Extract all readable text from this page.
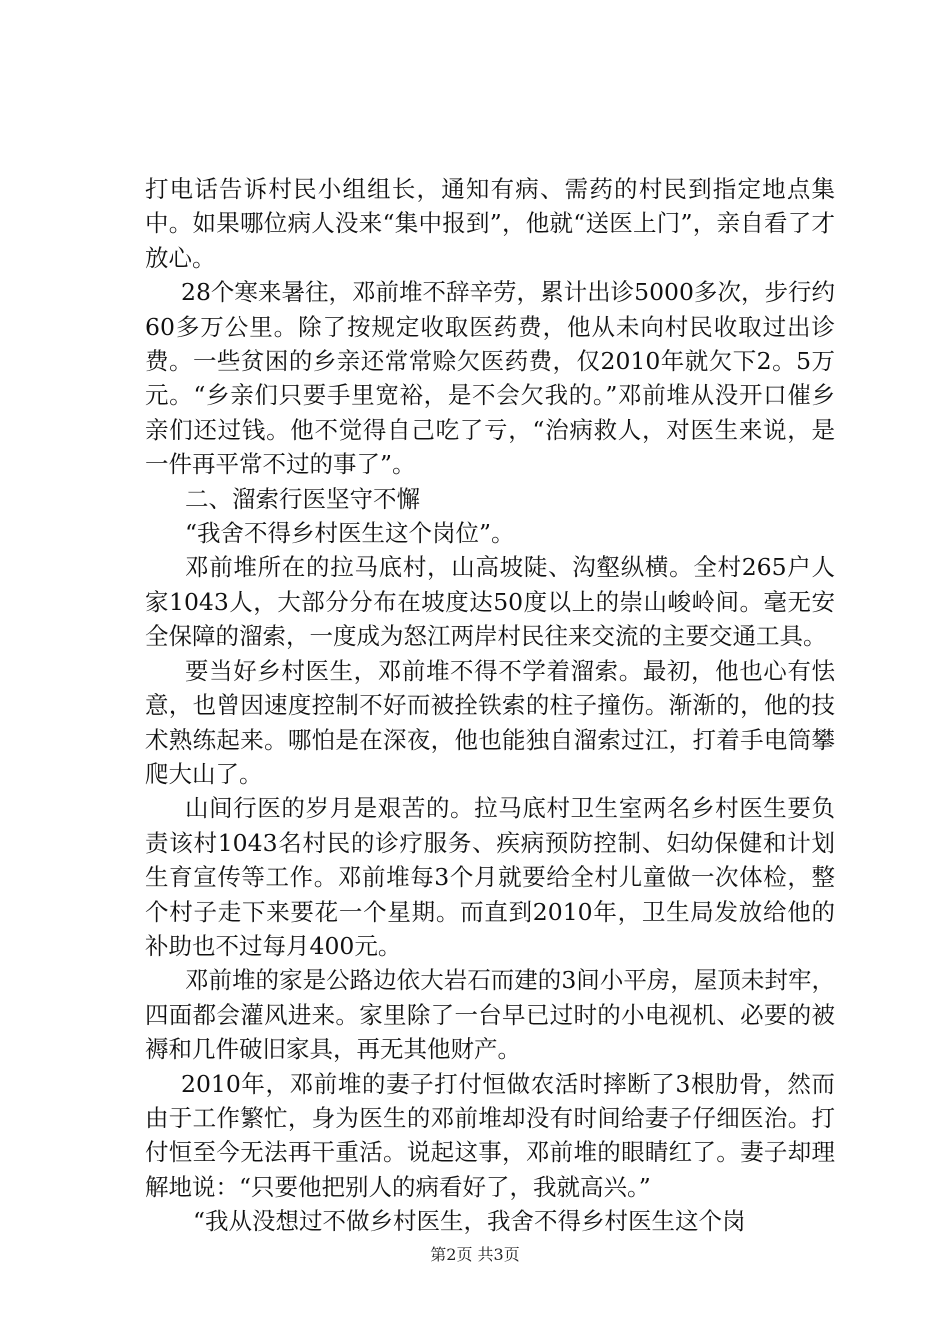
打电话告诉村民小组组长，通知有病、需药的村民到指定地点集中。如果哪位病人没来“集中报到”，他就“送医上门”，亲自看了才放心。

28个寒来暑往，邓前堆不辞辛劳，累计出诊5000多次，步行约60多万公里。除了按规定收取医药费，他从未向村民收取过出诊费。一些贫困的乡亲还常常赊欠医药费，仅2010年就欠下2。5万元。“乡亲们只要手里宽裕，是不会欠我的。”邓前堆从没开口催乡亲们还过钱。他不觉得自己吃了亏，“治病救人，对医生来说，是一件再平常不过的事了”。

二、溜索行医坚守不懈

“我舍不得乡村医生这个岗位”。

邓前堆所在的拉马底村，山高坡陡、沟壑纵横。全村265户人家1043人，大部分分布在坡度达50度以上的崇山峻岭间。毫无安全保障的溜索，一度成为怒江两岸村民往来交流的主要交通工具。

要当好乡村医生，邓前堆不得不学着溜索。最初，他也心有怯意，也曾因速度控制不好而被拴铁索的柱子撞伤。渐渐的，他的技术熟练起来。哪怕是在深夜，他也能独自溜索过江，打着手电筒攀爬大山了。

山间行医的岁月是艰苦的。拉马底村卫生室两名乡村医生要负责该村1043名村民的诊疗服务、疾病预防控制、妇幼保健和计划生育宣传等工作。邓前堆每3个月就要给全村儿童做一次体检，整个村子走下来要花一个星期。而直到2010年，卫生局发放给他的补助也不过每月400元。

邓前堆的家是公路边依大岩石而建的3间小平房，屋顶未封牢，四面都会灌风进来。家里除了一台早已过时的小电视机、必要的被褥和几件破旧家具，再无其他财产。

2010年，邓前堆的妻子打付恒做农活时摔断了3根肋骨，然而由于工作繁忙，身为医生的邓前堆却没有时间给妻子仔细医治。打付恒至今无法再干重活。说起这事，邓前堆的眼睛红了。妻子却理解地说：“只要他把别人的病看好了，我就高兴。”

“我从没想过不做乡村医生，我舍不得乡村医生这个岗

第2页 共3页
